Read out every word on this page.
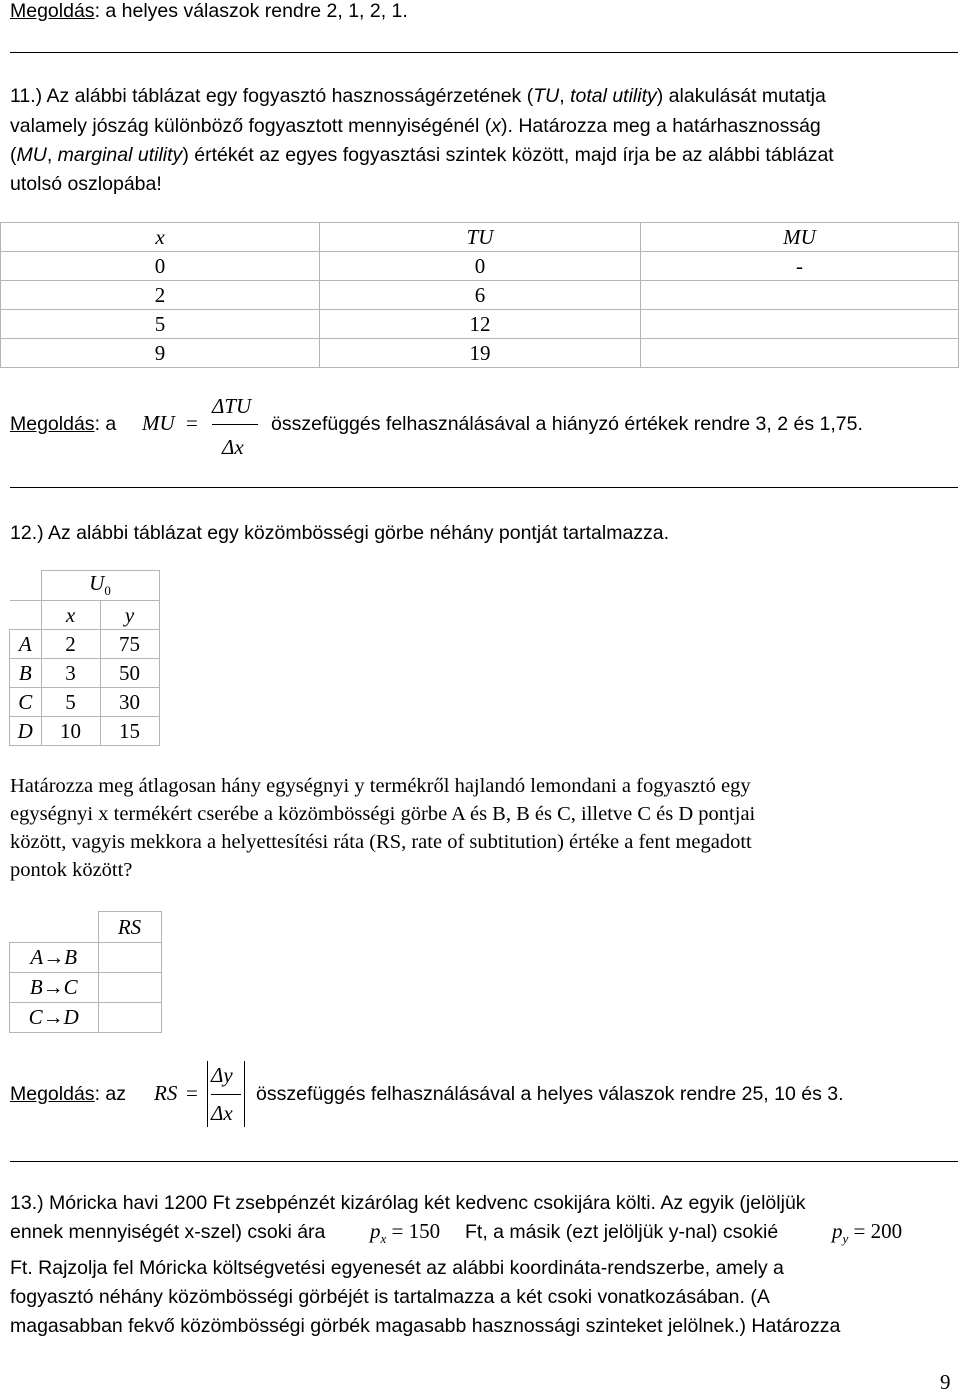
Megoldás: a helyes válaszok rendre 2, 1, 2, 1.
11.) Az alábbi táblázat egy fogyasztó hasznosságérzetének (TU, total utility) alakulását mutatja
valamely jószág különböző fogyasztott mennyiségénél (x). Határozza meg a határhasznosság
(MU, marginal utility) értékét az egyes fogyasztási szintek között, majd írja be az alábbi táblázat
utolsó oszlopába!
x	TU	MU
0	0	-
2	6	
5	12	
9	19	
Megoldás: a MU =
ΔTU
Δx
összefüggés felhasználásával a hiányzó értékek rendre 3, 2 és 1,75.
12.) Az alábbi táblázat egy közömbösségi görbe néhány pontját tartalmazza.
	$U_0$
	x	y
A	2	75
B	3	50
C	5	30
D	10	15
Határozza meg átlagosan hány egységnyi y termékről hajlandó lemondani a fogyasztó egy
egységnyi x termékért cserébe a közömbösségi görbe A és B, B és C, illetve C és D pontjai
között, vagyis mekkora a helyettesítési ráta (RS, rate of subtitution) értéke a fent megadott
pontok között?
	RS
A→B	
B→C	
C→D	
Megoldás: az RS =
Δy
Δx
összefüggés felhasználásával a helyes válaszok rendre 25, 10 és 3.
13.) Móricka havi 1200 Ft zsebpénzét kizárólag két kedvenc csokijára költi. Az egyik (jelöljük
ennek mennyiségét x-szel) csoki ára $p_x = 150$ Ft, a másik (ezt jelöljük y-nal) csokié	$p_y = 200$
Ft. Rajzolja fel Móricka költségvetési egyenesét az alábbi koordináta-rendszerbe, amely a
fogyasztó néhány közömbösségi görbéjét is tartalmazza a két csoki vonatkozásában. (A
magasabban fekvő közömbösségi görbék magasabb hasznossági szinteket jelölnek.) Határozza
9
